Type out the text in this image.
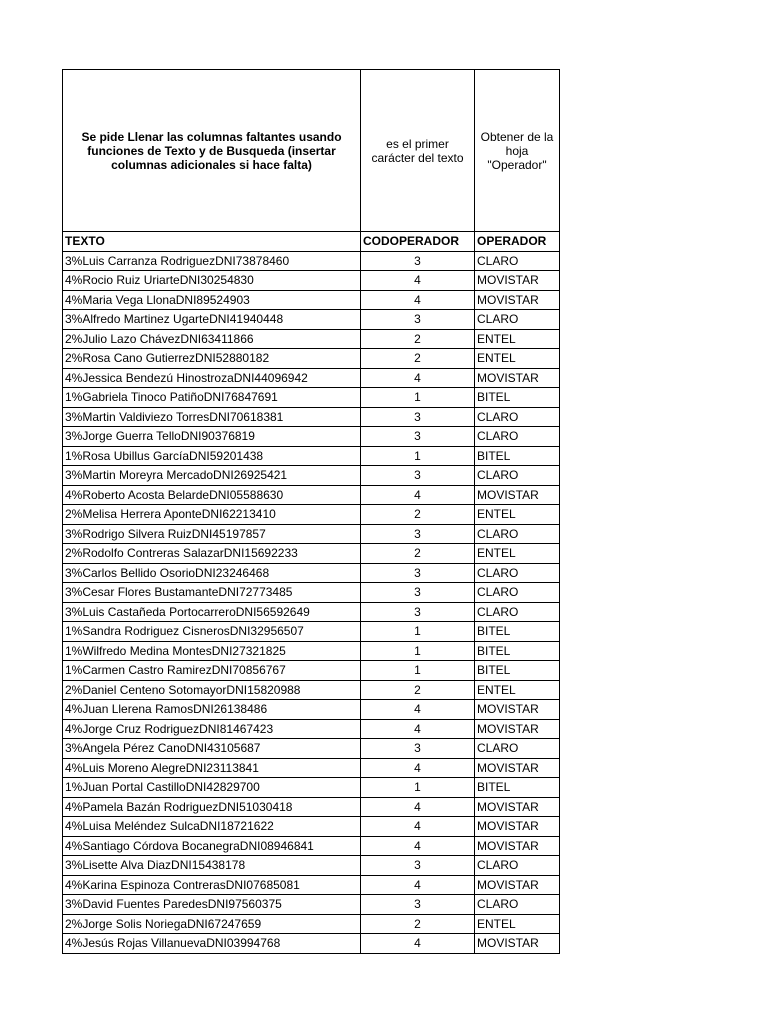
Se pide Llenar las columnas faltantes usando funciones de Texto y de Busqueda (insertar columnas adicionales si hace falta)	es el primer carácter del texto	Obtener de la hoja "Operador"
TEXTO	CODOPERADOR	OPERADOR
3%Luis Carranza RodriguezDNI73878460	3	CLARO
4%Rocio Ruiz UriarteDNI30254830	4	MOVISTAR
4%Maria Vega LlonaDNI89524903	4	MOVISTAR
3%Alfredo Martinez UgarteDNI41940448	3	CLARO
2%Julio Lazo ChávezDNI63411866	2	ENTEL
2%Rosa Cano GutierrezDNI52880182	2	ENTEL
4%Jessica Bendezú HinostrozaDNI44096942	4	MOVISTAR
1%Gabriela Tinoco PatiñoDNI76847691	1	BITEL
3%Martin Valdiviezo TorresDNI70618381	3	CLARO
3%Jorge Guerra TelloDNI90376819	3	CLARO
1%Rosa Ubillus GarcíaDNI59201438	1	BITEL
3%Martin Moreyra MercadoDNI26925421	3	CLARO
4%Roberto Acosta BelardeDNI05588630	4	MOVISTAR
2%Melisa Herrera AponteDNI62213410	2	ENTEL
3%Rodrigo Silvera RuizDNI45197857	3	CLARO
2%Rodolfo Contreras SalazarDNI15692233	2	ENTEL
3%Carlos Bellido OsorioDNI23246468	3	CLARO
3%Cesar Flores BustamanteDNI72773485	3	CLARO
3%Luis Castañeda PortocarreroDNI56592649	3	CLARO
1%Sandra Rodriguez CisnerosDNI32956507	1	BITEL
1%Wilfredo Medina MontesDNI27321825	1	BITEL
1%Carmen Castro RamirezDNI70856767	1	BITEL
2%Daniel Centeno SotomayorDNI15820988	2	ENTEL
4%Juan Llerena RamosDNI26138486	4	MOVISTAR
4%Jorge Cruz RodriguezDNI81467423	4	MOVISTAR
3%Angela Pérez CanoDNI43105687	3	CLARO
4%Luis Moreno AlegreDNI23113841	4	MOVISTAR
1%Juan Portal CastilloDNI42829700	1	BITEL
4%Pamela Bazán RodriguezDNI51030418	4	MOVISTAR
4%Luisa Meléndez SulcaDNI18721622	4	MOVISTAR
4%Santiago Córdova BocanegraDNI08946841	4	MOVISTAR
3%Lisette Alva DiazDNI15438178	3	CLARO
4%Karina Espinoza ContrerasDNI07685081	4	MOVISTAR
3%David Fuentes ParedesDNI97560375	3	CLARO
2%Jorge Solis NoriegaDNI67247659	2	ENTEL
4%Jesús Rojas VillanuevaDNI03994768	4	MOVISTAR
